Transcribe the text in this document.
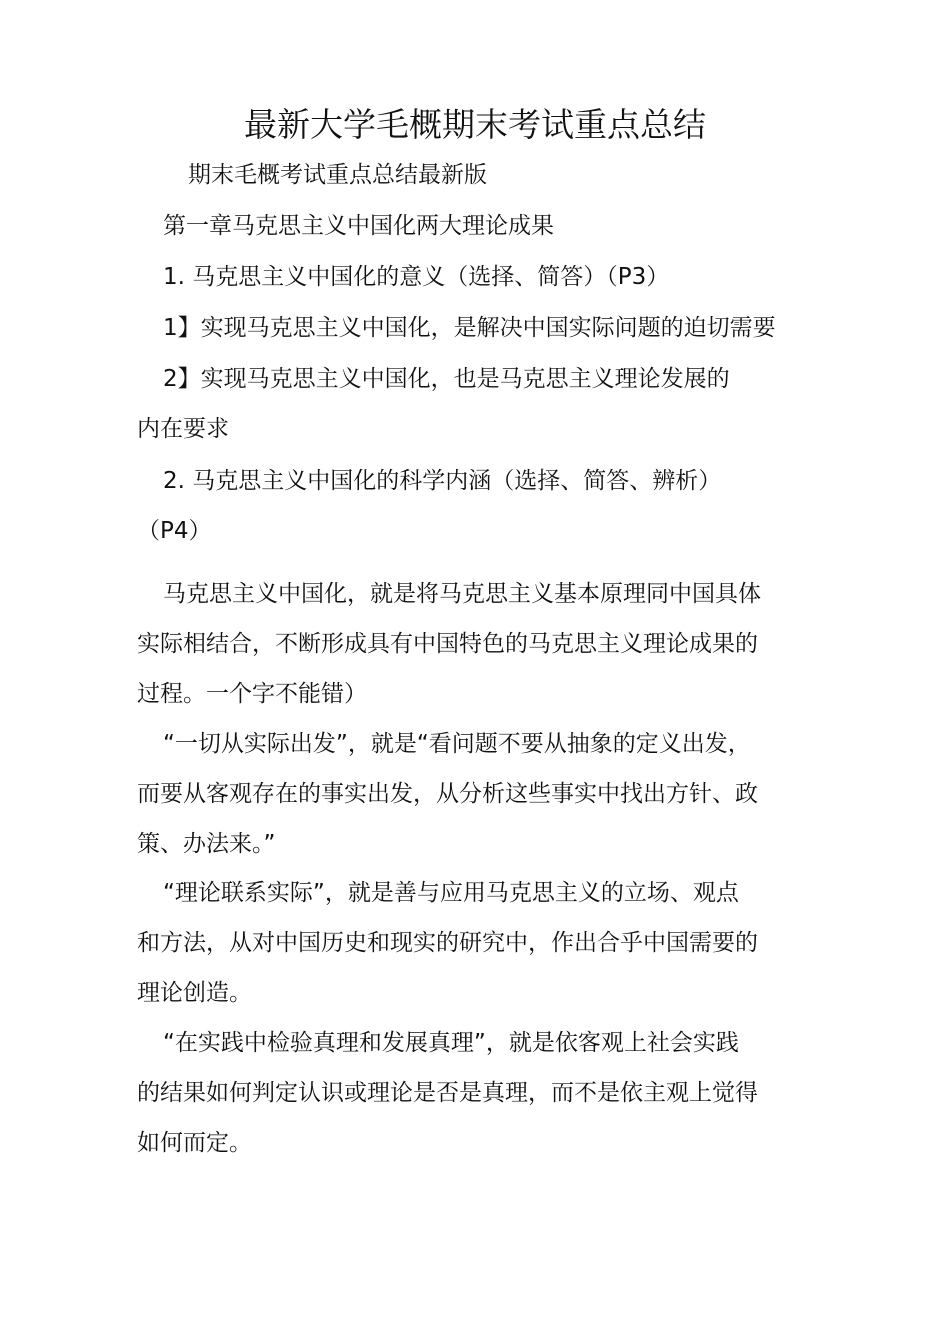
最新大学毛概期末考试重点总结
期末毛概考试重点总结最新版
第一章马克思主义中国化两大理论成果
1. 马克思主义中国化的意义（选择、简答）（P3）
1】实现马克思主义中国化，是解决中国实际问题的迫切需要
2】实现马克思主义中国化，也是马克思主义理论发展的
内在要求
2. 马克思主义中国化的科学内涵（选择、简答、辨析）
（P4）
马克思主义中国化，就是将马克思主义基本原理同中国具体
实际相结合，不断形成具有中国特色的马克思主义理论成果的
过程。一个字不能错）
“一切从实际出发”，就是“看问题不要从抽象的定义出发，
而要从客观存在的事实出发，从分析这些事实中找出方针、政
策、办法来。”
“理论联系实际”，就是善与应用马克思主义的立场、观点
和方法，从对中国历史和现实的研究中，作出合乎中国需要的
理论创造。
“在实践中检验真理和发展真理”，就是依客观上社会实践
的结果如何判定认识或理论是否是真理，而不是依主观上觉得
如何而定。
